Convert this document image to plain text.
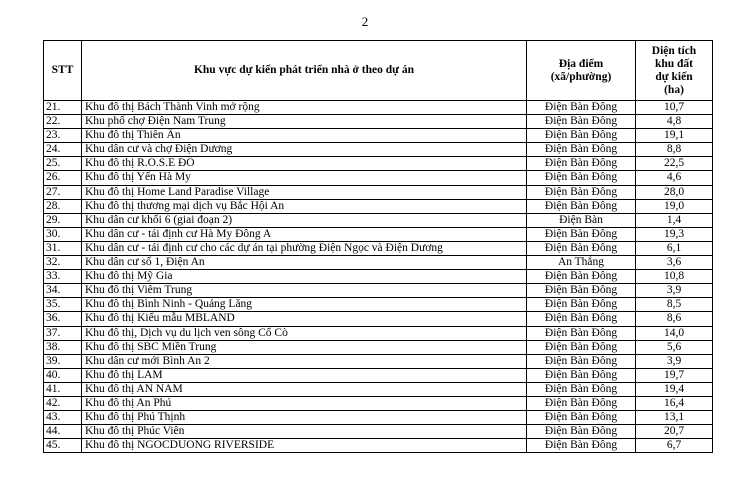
2
STT	Khu vực dự kiến phát triển nhà ở theo dự án	Địa điểm (xã/phường)	Diện tích khu đất dự kiến (ha)
21.	Khu đô thị Bách Thành Vinh mở rộng	Điện Bàn Đông	10,7
22.	Khu phố chợ Điện Nam Trung	Điện Bàn Đông	4,8
23.	Khu đô thị Thiên Ân	Điện Bàn Đông	19,1
24.	Khu dân cư và chợ Điện Dương	Điện Bàn Đông	8,8
25.	Khu đô thị R.O.S.E ĐÔ	Điện Bàn Đông	22,5
26.	Khu đô thị Yến Hà My	Điện Bàn Đông	4,6
27.	Khu đô thị Home Land Paradise Village	Điện Bàn Đông	28,0
28.	Khu đô thị thương mại dịch vụ Bắc Hội An	Điện Bàn Đông	19,0
29.	Khu dân cư khối 6 (giai đoạn 2)	Điện Bàn	1,4
30.	Khu dân cư - tái định cư Hà My Đông A	Điện Bàn Đông	19,3
31.	Khu dân cư - tái định cư cho các dự án tại phường Điện Ngọc và Điện Dương	Điện Bàn Đông	6,1
32.	Khu dân cư số 1, Điện An	An Thắng	3,6
33.	Khu đô thị Mỹ Gia	Điện Bàn Đông	10,8
34.	Khu đô thị Viêm Trung	Điện Bàn Đông	3,9
35.	Khu đô thị Bình Ninh - Quảng Lăng	Điện Bàn Đông	8,5
36.	Khu đô thị Kiểu mẫu MBLAND	Điện Bàn Đông	8,6
37.	Khu đô thị, Dịch vụ du lịch ven sông Cổ Cò	Điện Bàn Đông	14,0
38.	Khu đô thị SBC Miền Trung	Điện Bàn Đông	5,6
39.	Khu dân cư mới Bình An 2	Điện Bàn Đông	3,9
40.	Khu đô thị LAM	Điện Bàn Đông	19,7
41.	Khu đô thị AN NAM	Điện Bàn Đông	19,4
42.	Khu đô thị An Phú	Điện Bàn Đông	16,4
43.	Khu đô thị Phú Thịnh	Điện Bàn Đông	13,1
44.	Khu đô thị Phúc Viên	Điện Bàn Đông	20,7
45.	Khu đô thị NGOCDUONG RIVERSIDE	Điện Bàn Đông	6,7
